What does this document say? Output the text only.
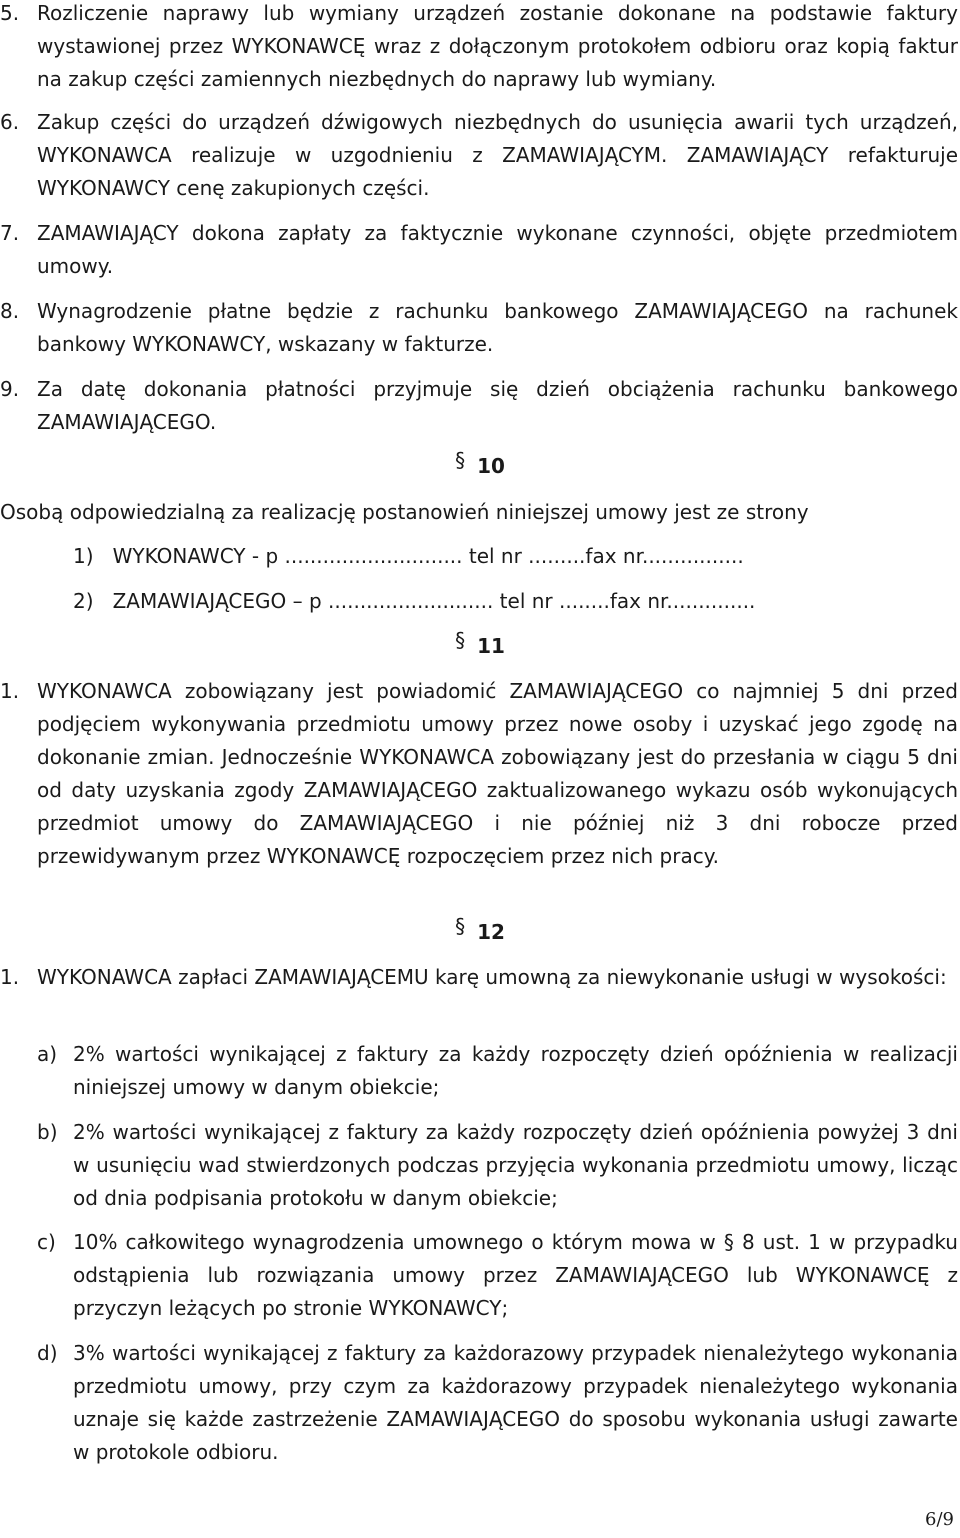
5. Rozliczenie naprawy lub wymiany urządzeń zostanie dokonane na podstawie faktury wystawionej przez WYKONAWCĘ wraz z dołączonym protokołem odbioru oraz kopią faktur na zakup części zamiennych niezbędnych do naprawy lub wymiany.
6. Zakup części do urządzeń dźwigowych niezbędnych do usunięcia awarii tych urządzeń, WYKONAWCA realizuje w uzgodnieniu z ZAMAWIAJĄCYM. ZAMAWIAJĄCY refakturuje WYKONAWCY cenę zakupionych części.
7. ZAMAWIAJĄCY dokona zapłaty za faktycznie wykonane czynności, objęte przedmiotem umowy.
8. Wynagrodzenie płatne będzie z rachunku bankowego ZAMAWIAJĄCEGO na rachunek bankowy WYKONAWCY, wskazany w fakturze.
9. Za datę dokonania płatności przyjmuje się dzień obciążenia rachunku bankowego ZAMAWIAJĄCEGO.
§ 10
Osobą odpowiedzialną za realizację postanowień niniejszej umowy jest ze strony
1) WYKONAWCY - p ............................ tel nr .........fax nr................
2) ZAMAWIAJĄCEGO – p .......................... tel nr ........fax nr..............
§ 11
1. WYKONAWCA zobowiązany jest powiadomić ZAMAWIAJĄCEGO co najmniej 5 dni przed podjęciem wykonywania przedmiotu umowy przez nowe osoby i uzyskać jego zgodę na dokonanie zmian. Jednocześnie WYKONAWCA zobowiązany jest do przesłania w ciągu 5 dni od daty uzyskania zgody ZAMAWIAJĄCEGO zaktualizowanego wykazu osób wykonujących przedmiot umowy do ZAMAWIAJĄCEGO i nie później niż 3 dni robocze przed przewidywanym przez WYKONAWCĘ rozpoczęciem przez nich pracy.
§ 12
1. WYKONAWCA zapłaci ZAMAWIAJĄCEMU karę umowną za niewykonanie usługi w wysokości:
a) 2% wartości wynikającej z faktury za każdy rozpoczęty dzień opóźnienia w realizacji niniejszej umowy w danym obiekcie;
b) 2% wartości wynikającej z faktury za każdy rozpoczęty dzień opóźnienia powyżej 3 dni w usunięciu wad stwierdzonych podczas przyjęcia wykonania przedmiotu umowy, licząc od dnia podpisania protokołu w danym obiekcie;
c) 10% całkowitego wynagrodzenia umownego o którym mowa w § 8 ust. 1 w przypadku odstąpienia lub rozwiązania umowy przez ZAMAWIAJĄCEGO lub WYKONAWCĘ z przyczyn leżących po stronie WYKONAWCY;
d) 3% wartości wynikającej z faktury za każdorazowy przypadek nienależytego wykonania przedmiotu umowy, przy czym za każdorazowy przypadek nienależytego wykonania uznaje się każde zastrzeżenie ZAMAWIAJĄCEGO do sposobu wykonania usługi zawarte w protokole odbioru.
6/9
